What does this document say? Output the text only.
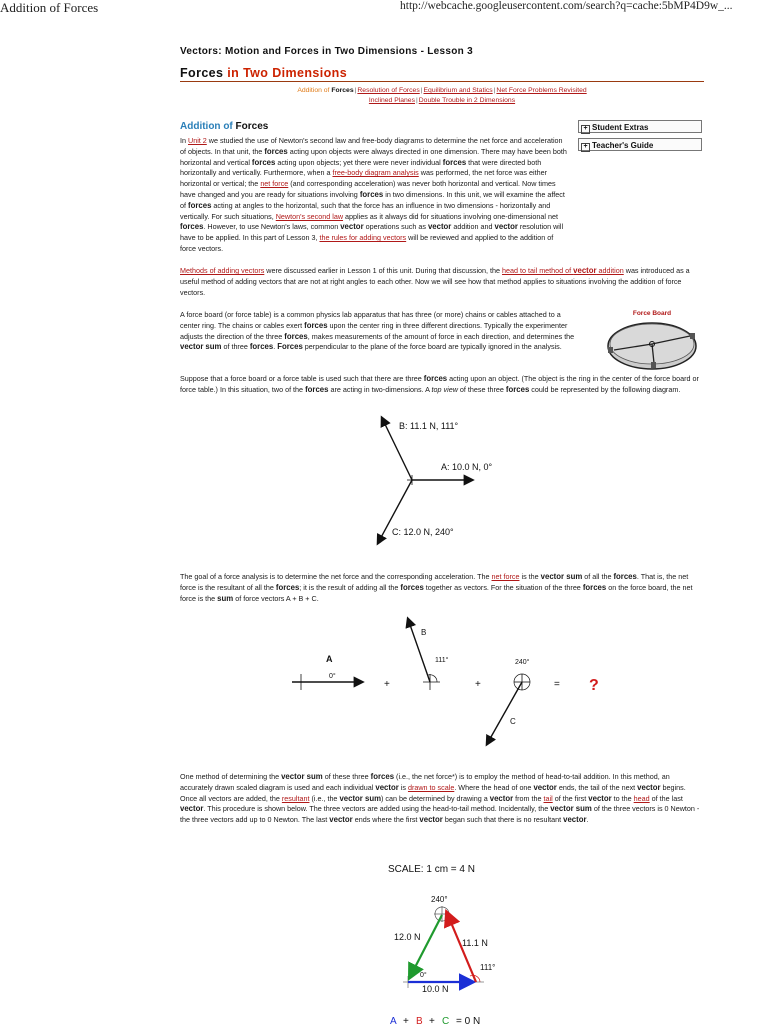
Addition of Forces	http://webcache.googleusercontent.com/search?q=cache:5bMP4D9w_...
Vectors: Motion and Forces in Two Dimensions - Lesson 3
Forces in Two Dimensions
Addition of Forces|Resolution of Forces|Equilibrium and Statics|Net Force Problems Revisited
Inclined Planes|Double Trouble in 2 Dimensions
Addition of Forces	+ Student Extras
+ Teacher's Guide
In Unit 2 we studied the use of Newton's second law and free-body diagrams to determine the net force and acceleration of objects. In that unit, the forces acting upon objects were always directed in one dimension. There may have been both horizontal and vertical forces acting upon objects; yet there were never individual forces that were directed both horizontally and vertically. Furthermore, when a free-body diagram analysis was performed, the net force was either horizontal or vertical; the net force (and corresponding acceleration) was never both horizontal and vertical. Now times have changed and you are ready for situations involving forces in two dimensions. In this unit, we will examine the affect of forces acting at angles to the horizontal, such that the force has an influence in two dimensions - horizontally and vertically. For such situations, Newton's second law applies as it always did for situations involving one-dimensional net forces. However, to use Newton's laws, common vector operations such as vector addition and vector resolution will have to be applied. In this part of Lesson 3, the rules for adding vectors will be reviewed and applied to the addition of force vectors.
Methods of adding vectors were discussed earlier in Lesson 1 of this unit. During that discussion, the head to tail method of vector addition was introduced as a useful method of adding vectors that are not at right angles to each other. Now we will see how that method applies to situations involving the addition of force vectors.
A force board (or force table) is a common physics lab apparatus that has three (or more) chains or cables attached to a center ring. The chains or cables exert forces upon the center ring in three different directions. Typically the experimenter adjusts the direction of the three forces, makes measurements of the amount of force in each direction, and determines the vector sum of three forces. Forces perpendicular to the plane of the force board are typically ignored in the analysis.
Force Board
Suppose that a force board or a force table is used such that there are three forces acting upon an object. (The object is the ring in the center of the force board or force table.) In this situation, two of the forces are acting in two-dimensions. A top view of these three forces could be represented by the following diagram.
B: 11.1 N, 111°
A: 10.0 N, 0°
C: 12.0 N, 240°
The goal of a force analysis is to determine the net force and the corresponding acceleration. The net force is the vector sum of all the forces. That is, the net force is the resultant of all the forces; it is the result of adding all the forces together as vectors. For the situation of the three forces on the force board, the net force is the sum of force vectors A + B + C.
A
0°
+
B
111°
+
240°
C
= ?
One method of determining the vector sum of these three forces (i.e., the net force*) is to employ the method of head-to-tail addition. In this method, an accurately drawn scaled diagram is used and each individual vector is drawn to scale. Where the head of one vector ends, the tail of the next vector begins. Once all vectors are added, the resultant (i.e., the vector sum) can be determined by drawing a vector from the tail of the first vector to the head of the last vector. This procedure is shown below. The three vectors are added using the head-to-tail method. Incidentally, the vector sum of the three vectors is 0 Newton - the three vectors add up to 0 Newton. The last vector ends where the first vector began such that there is no resultant vector.
SCALE: 1 cm = 4 N
240°
111°
0°
12.0 N
11.1 N
10.0 N
A + B + C = 0 N
